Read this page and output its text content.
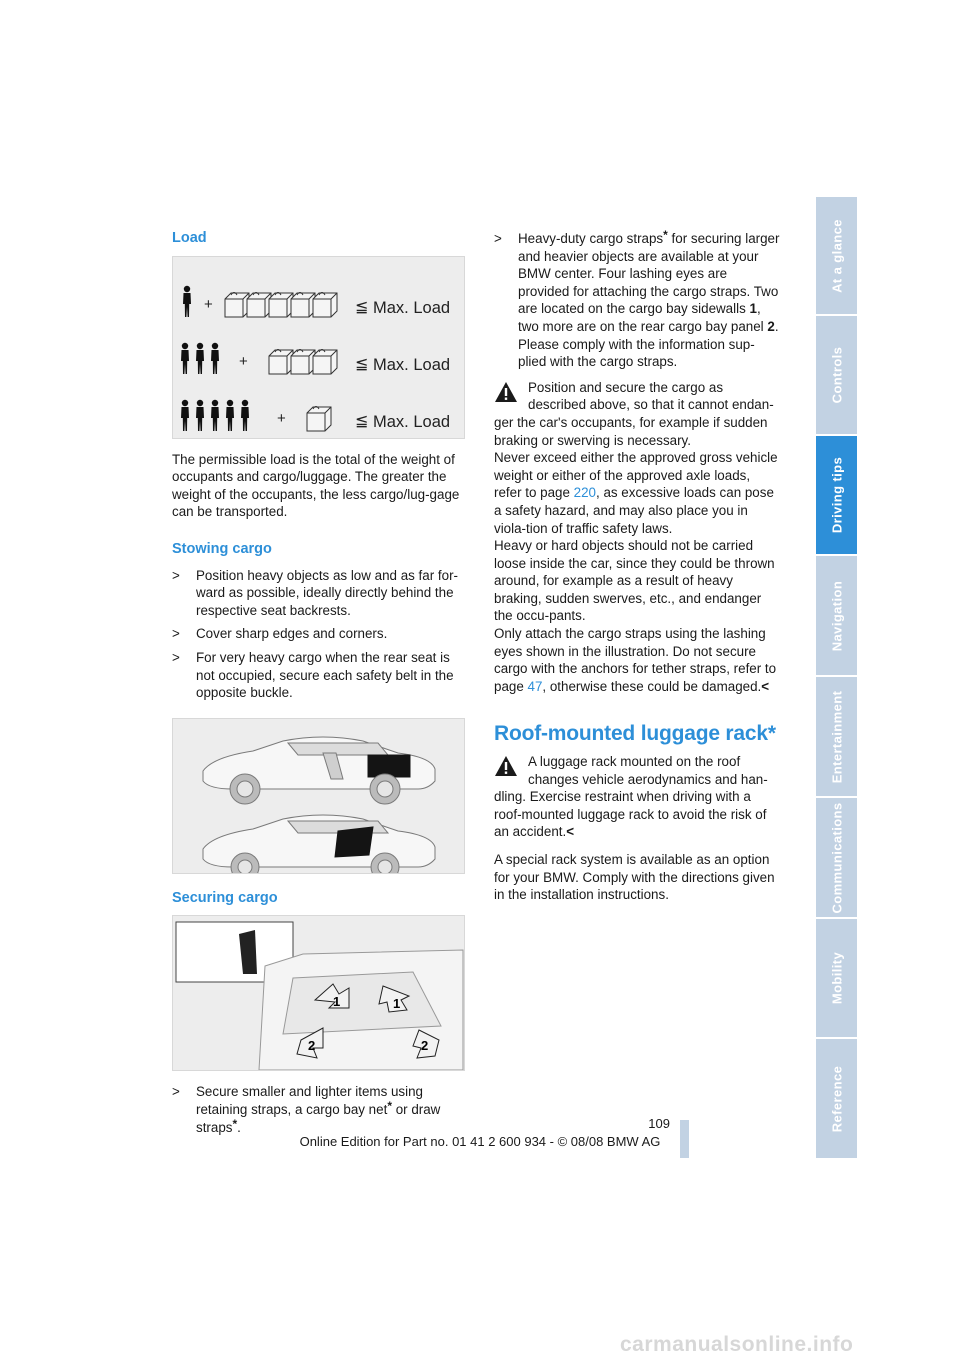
Load
+	≦ Max. Load
+	≦ Max. Load
+	≦ Max. Load

The permissible load is the total of the weight of occupants and cargo/luggage. The greater the weight of the occupants, the less cargo/lug-gage can be transported.

Stowing cargo
> Position heavy objects as low and as far for-ward as possible, ideally directly behind the respective seat backrests.
> Cover sharp edges and corners.
> For very heavy cargo when the rear seat is not occupied, secure each safety belt in the opposite buckle.
Securing cargo
1	1
2	2
> Secure smaller and lighter items using retaining straps, a cargo bay net* or draw straps*.
> Heavy-duty cargo straps* for securing larger and heavier objects are available at your BMW center. Four lashing eyes are provided for attaching the cargo straps. Two are located on the cargo bay sidewalls 1, two more are on the rear cargo bay panel 2.
Please comply with the information sup-plied with the cargo straps.

Position and secure the cargo as described above, so that it cannot endan-ger the car's occupants, for example if sudden braking or swerving is necessary.

Never exceed either the approved gross vehicle weight or either of the approved axle loads, refer to page 220, as excessive loads can pose a safety hazard, and may also place you in viola-tion of traffic safety laws.

Heavy or hard objects should not be carried loose inside the car, since they could be thrown around, for example as a result of heavy braking, sudden swerves, etc., and endanger the occu-pants.

Only attach the cargo straps using the lashing eyes shown in the illustration. Do not secure cargo with the anchors for tether straps, refer to page 47, otherwise these could be damaged.<

Roof-mounted luggage rack*

A luggage rack mounted on the roof changes vehicle aerodynamics and han-dling. Exercise restraint when driving with a roof-mounted luggage rack to avoid the risk of an accident.<

A special rack system is available as an option for your BMW. Comply with the directions given in the installation instructions.

At a glance
Controls
Driving tips
Navigation
Entertainment
Communications
Mobility
Reference
109
Online Edition for Part no. 01 41 2 600 934 - © 08/08 BMW AG
carmanualsonline.info
